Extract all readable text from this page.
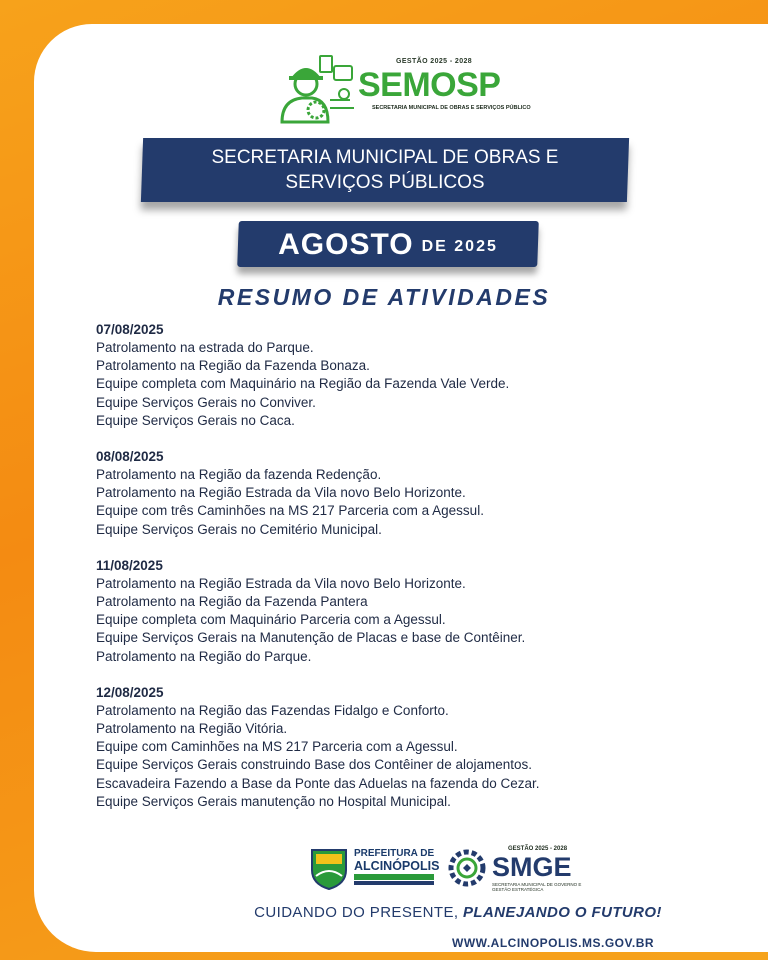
GESTÃO 2025 - 2028
SEMOSP
SECRETARIA MUNICIPAL DE OBRAS E SERVIÇOS PÚBLICO
SECRETARIA MUNICIPAL DE OBRAS E
SERVIÇOS PÚBLICOS
AGOSTO DE 2025
RESUMO DE ATIVIDADES
07/08/2025
Patrolamento na estrada do Parque.
Patrolamento na Região da Fazenda Bonaza.
Equipe completa com Maquinário na Região da Fazenda Vale Verde.
Equipe Serviços Gerais no Conviver.
Equipe Serviços Gerais no Caca.
08/08/2025
Patrolamento na Região da fazenda Redenção.
Patrolamento na Região Estrada da Vila novo Belo Horizonte.
Equipe com três Caminhões na MS 217 Parceria com a Agessul.
Equipe Serviços Gerais no Cemitério Municipal.
11/08/2025
Patrolamento na Região Estrada da Vila novo Belo Horizonte.
Patrolamento na Região da Fazenda Pantera
Equipe completa com Maquinário Parceria com a Agessul.
Equipe Serviços Gerais na Manutenção de Placas e base de Contêiner.
Patrolamento na Região do Parque.
12/08/2025
Patrolamento na Região das Fazendas Fidalgo e Conforto.
Patrolamento na Região Vitória.
Equipe com Caminhões na MS 217 Parceria com a Agessul.
Equipe Serviços Gerais construindo Base dos Contêiner de alojamentos.
Escavadeira Fazendo a Base da Ponte das Aduelas na fazenda do Cezar.
Equipe Serviços Gerais manutenção no Hospital Municipal.
PREFEITURA DE
ALCINÓPOLIS
GESTÃO 2025 - 2028
SMGE
SECRETARIA MUNICIPAL DE GOVERNO E GESTÃO ESTRATÉGICA
CUIDANDO DO PRESENTE, PLANEJANDO O FUTURO!
WWW.ALCINOPOLIS.MS.GOV.BR
